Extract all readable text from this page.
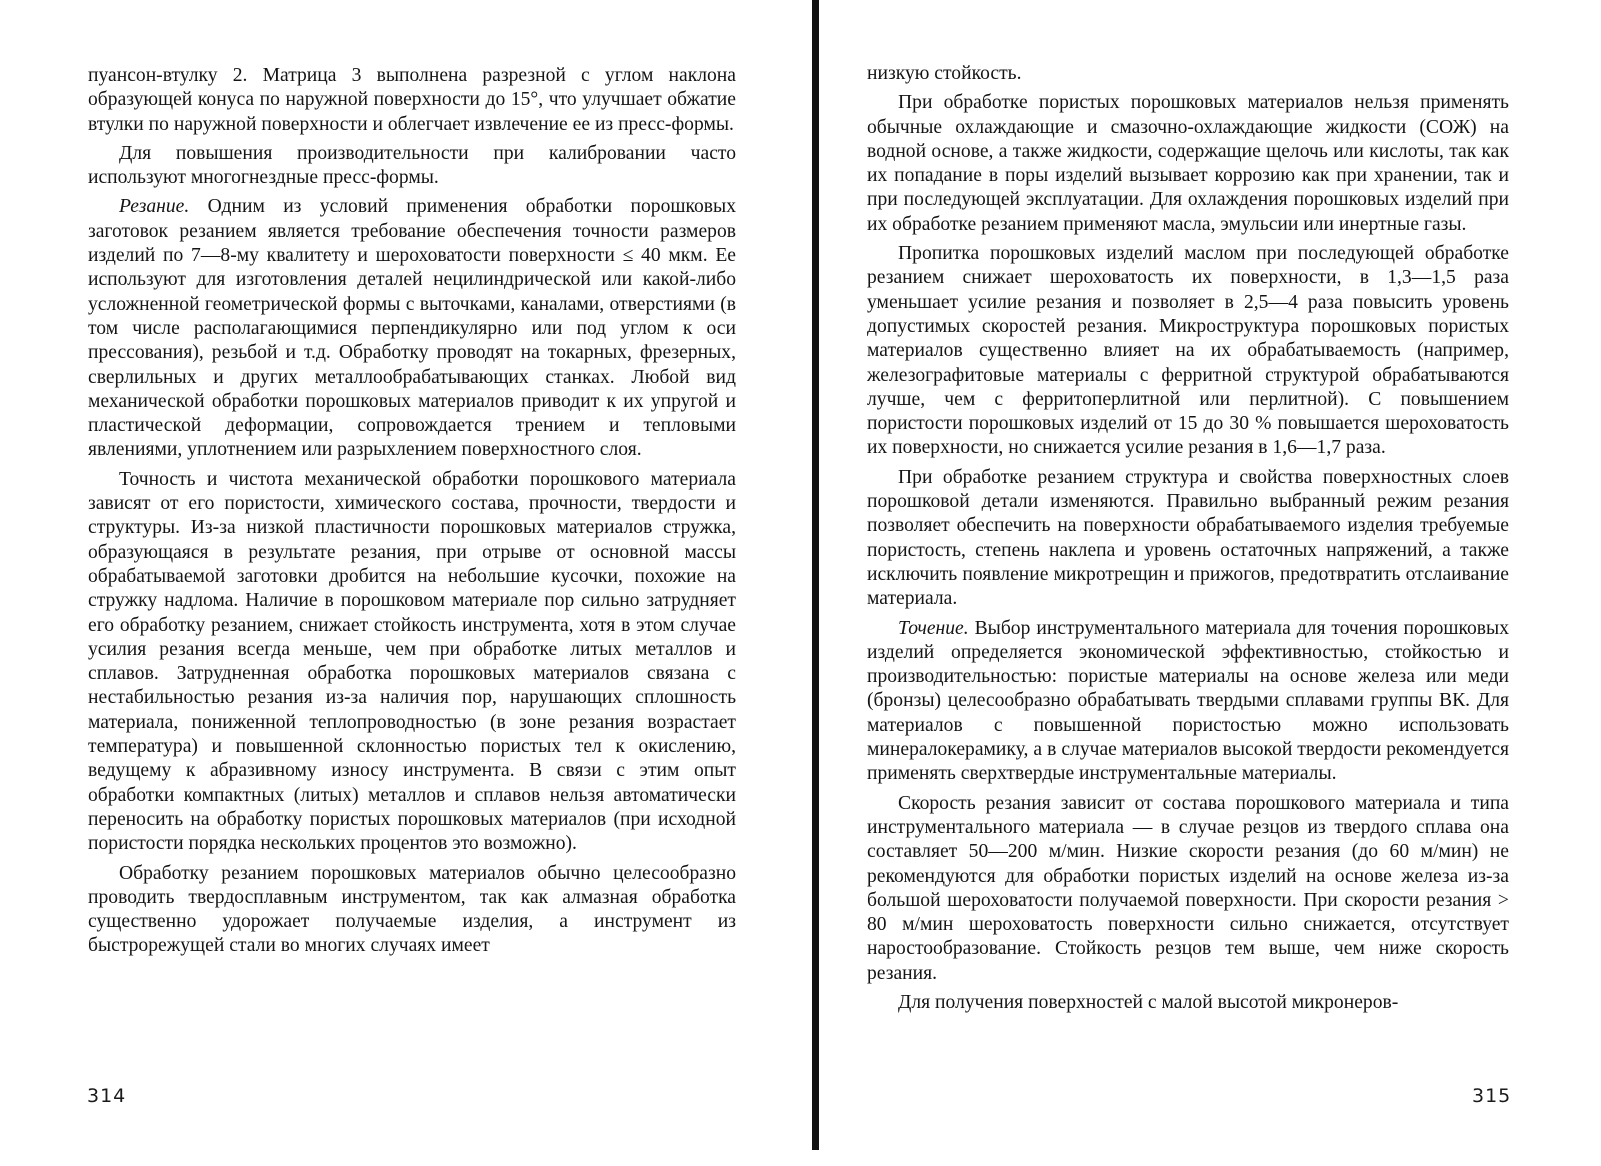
пуансон-втулку 2. Матрица 3 выполнена разрезной с углом наклона образующей конуса по наружной поверхности до 15°, что улучшает обжатие втулки по наружной поверхности и облегчает извлечение ее из пресс-формы.

Для повышения производительности при калибровании часто используют многогнездные пресс-формы.

Резание. Одним из условий применения обработки порошковых заготовок резанием является требование обеспечения точности размеров изделий по 7—8-му квалитету и шероховатости поверхности ≤ 40 мкм. Ее используют для изготовления деталей нецилиндрической или какой-либо усложненной геометрической формы с выточками, каналами, отверстиями (в том числе располагающимися перпендикулярно или под углом к оси прессования), резьбой и т.д. Обработку проводят на токарных, фрезерных, сверлильных и других металлообрабатывающих станках. Любой вид механической обработки порошковых материалов приводит к их упругой и пластической деформации, сопровождается трением и тепловыми явлениями, уплотнением или разрыхлением поверхностного слоя.

Точность и чистота механической обработки порошкового материала зависят от его пористости, химического состава, прочности, твердости и структуры. Из-за низкой пластичности порошковых материалов стружка, образующаяся в результате резания, при отрыве от основной массы обрабатываемой заготовки дробится на небольшие кусочки, похожие на стружку надлома. Наличие в порошковом материале пор сильно затрудняет его обработку резанием, снижает стойкость инструмента, хотя в этом случае усилия резания всегда меньше, чем при обработке литых металлов и сплавов. Затрудненная обработка порошковых материалов связана с нестабильностью резания из-за наличия пор, нарушающих сплошность материала, пониженной теплопроводностью (в зоне резания возрастает температура) и повышенной склонностью пористых тел к окислению, ведущему к абразивному износу инструмента. В связи с этим опыт обработки компактных (литых) металлов и сплавов нельзя автоматически переносить на обработку пористых порошковых материалов (при исходной пористости порядка нескольких процентов это возможно).

Обработку резанием порошковых материалов обычно целесообразно проводить твердосплавным инструментом, так как алмазная обработка существенно удорожает получаемые изделия, а инструмент из быстрорежущей стали во многих случаях имеет

314

низкую стойкость.

При обработке пористых порошковых материалов нельзя применять обычные охлаждающие и смазочно-охлаждающие жидкости (СОЖ) на водной основе, а также жидкости, содержащие щелочь или кислоты, так как их попадание в поры изделий вызывает коррозию как при хранении, так и при последующей эксплуатации. Для охлаждения порошковых изделий при их обработке резанием применяют масла, эмульсии или инертные газы.

Пропитка порошковых изделий маслом при последующей обработке резанием снижает шероховатость их поверхности, в 1,3—1,5 раза уменьшает усилие резания и позволяет в 2,5—4 раза повысить уровень допустимых скоростей резания. Микроструктура порошковых пористых материалов существенно влияет на их обрабатываемость (например, железографитовые материалы с ферритной структурой обрабатываются лучше, чем с ферритоперлитной или перлитной). С повышением пористости порошковых изделий от 15 до 30 % повышается шероховатость их поверхности, но снижается усилие резания в 1,6—1,7 раза.

При обработке резанием структура и свойства поверхностных слоев порошковой детали изменяются. Правильно выбранный режим резания позволяет обеспечить на поверхности обрабатываемого изделия требуемые пористость, степень наклепа и уровень остаточных напряжений, а также исключить появление микротрещин и прижогов, предотвратить отслаивание материала.

Точение. Выбор инструментального материала для точения порошковых изделий определяется экономической эффективностью, стойкостью и производительностью: пористые материалы на основе железа или меди (бронзы) целесообразно обрабатывать твердыми сплавами группы ВК. Для материалов с повышенной пористостью можно использовать минералокерамику, а в случае материалов высокой твердости рекомендуется применять сверхтвердые инструментальные материалы.

Скорость резания зависит от состава порошкового материала и типа инструментального материала — в случае резцов из твердого сплава она составляет 50—200 м/мин. Низкие скорости резания (до 60 м/мин) не рекомендуются для обработки пористых изделий на основе железа из-за большой шероховатости получаемой поверхности. При скорости резания > 80 м/мин шероховатость поверхности сильно снижается, отсутствует наростообразование. Стойкость резцов тем выше, чем ниже скорость резания.

Для получения поверхностей с малой высотой микронеров-

315
